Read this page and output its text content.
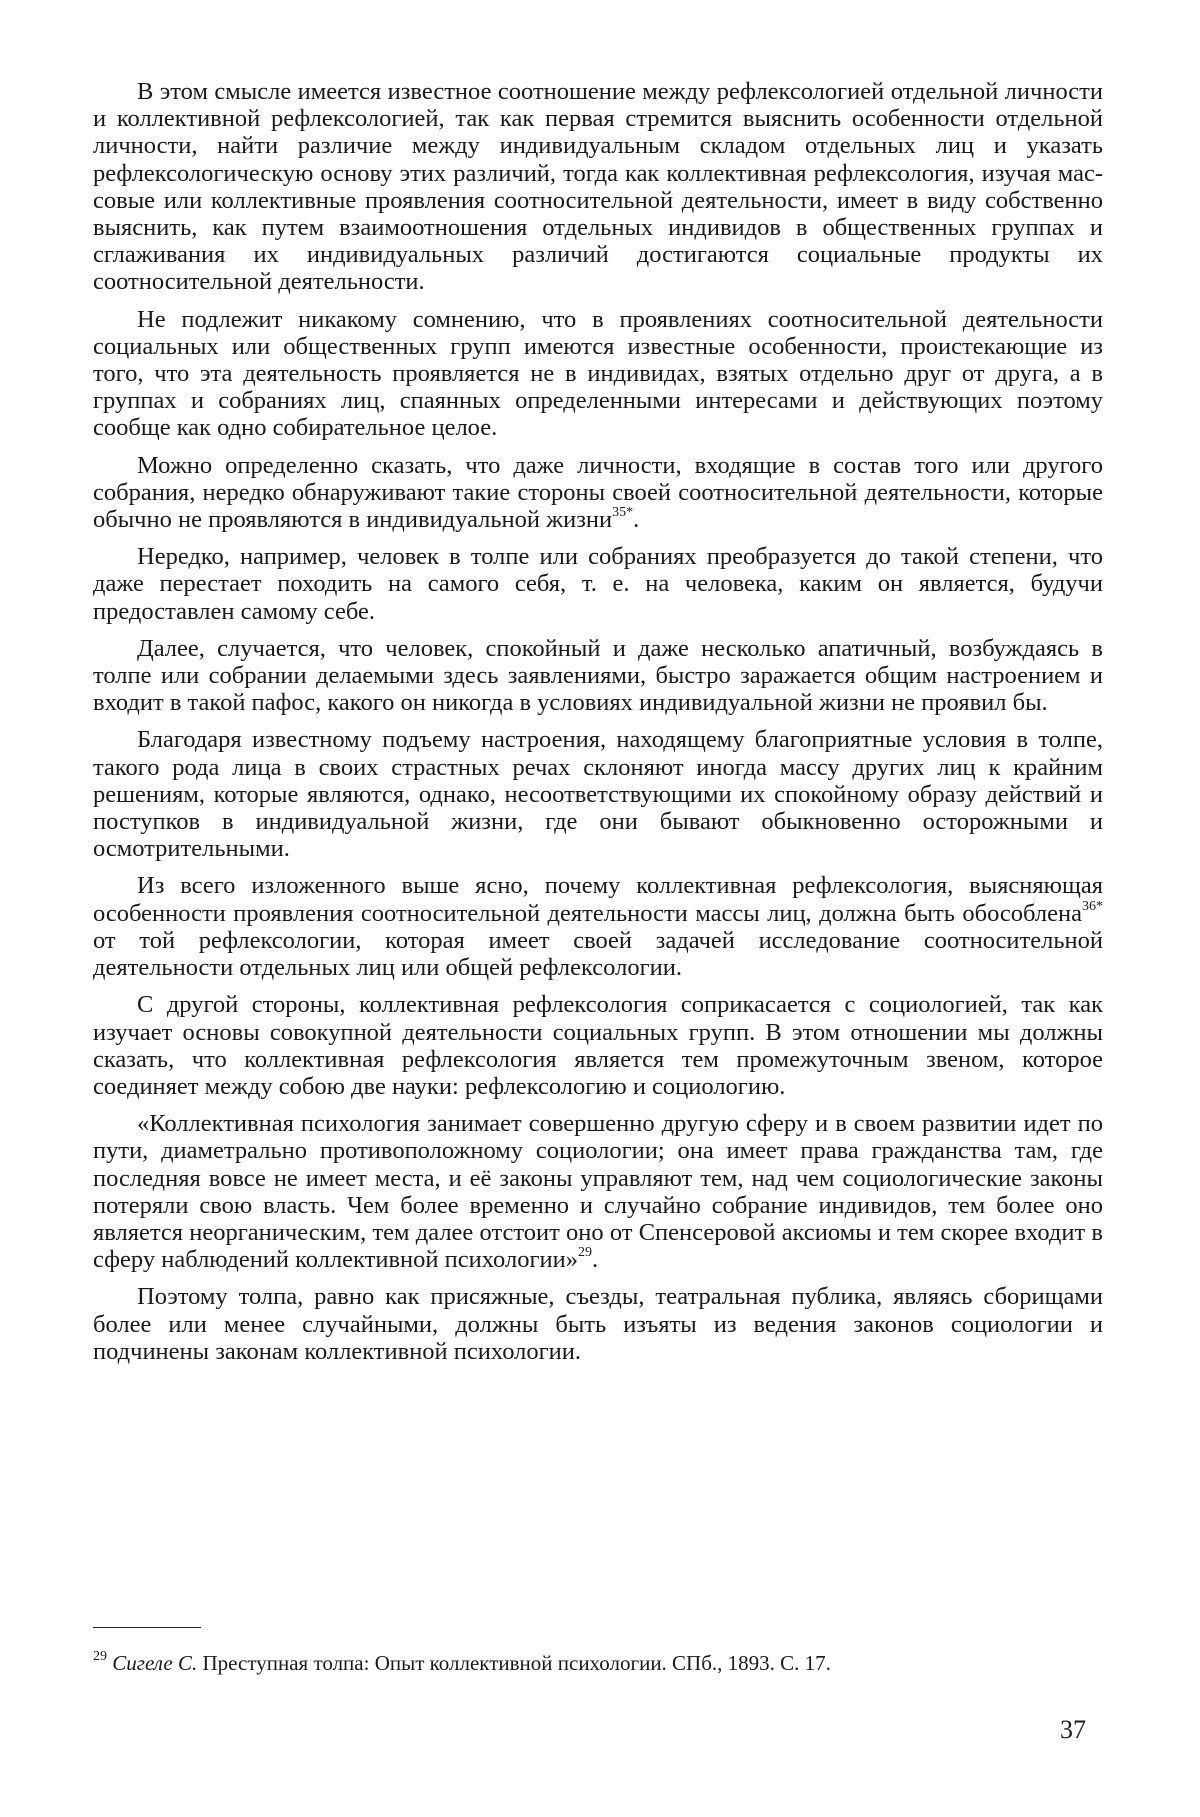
В этом смысле имеется известное соотношение между рефлексологией отдельной личности и коллективной рефлексологией, так как первая стремится выяснить особенности отдельной личности, найти различие между индивидуальным складом отдельных лиц и указать рефлексологическую основу этих различий, тогда как коллективная рефлексология, изучая массовые или коллективные проявления соотносительной деятельности, имеет в виду собственно выяснить, как путем взаимоотношения отдельных индивидов в общественных группах и сглаживания их индивидуальных различий достигаются социальные продукты их соотносительной деятельности.

Не подлежит никакому сомнению, что в проявлениях соотносительной деятельности социальных или общественных групп имеются известные особенности, проистекающие из того, что эта деятельность проявляется не в индивидах, взятых отдельно друг от друга, а в группах и собраниях лиц, спаянных определенными интересами и действующих поэтому сообще как одно собирательное целое.

Можно определенно сказать, что даже личности, входящие в состав того или другого собрания, нередко обнаруживают такие стороны своей соотносительной деятельности, которые обычно не проявляются в индивидуальной жизни$^{35*}$.

Нередко, например, человек в толпе или собраниях преобразуется до такой степени, что даже перестает походить на самого себя, т. е. на человека, каким он является, будучи предоставлен самому себе.

Далее, случается, что человек, спокойный и даже несколько апатичный, возбуждаясь в толпе или собрании делаемыми здесь заявлениями, быстро заражается общим настроением и входит в такой пафос, какого он никогда в условиях индивидуальной жизни не проявил бы.

Благодаря известному подъему настроения, находящему благоприятные условия в толпе, такого рода лица в своих страстных речах склоняют иногда массу других лиц к крайним решениям, которые являются, однако, несоответствующими их спокойному образу действий и поступков в индивидуальной жизни, где они бывают обыкновенно осторожными и осмотрительными.

Из всего изложенного выше ясно, почему коллективная рефлексология, выясняющая особенности проявления соотносительной деятельности массы лиц, должна быть обособлена$^{36*}$ от той рефлексологии, которая имеет своей задачей исследование соотносительной деятельности отдельных лиц или общей рефлексологии.

С другой стороны, коллективная рефлексология соприкасается с социологией, так как изучает основы совокупной деятельности социальных групп. В этом отношении мы должны сказать, что коллективная рефлексология является тем промежуточным звеном, которое соединяет между собою две науки: рефлексологию и социологию.

«Коллективная психология занимает совершенно другую сферу и в своем развитии идет по пути, диаметрально противоположному социологии; она имеет права гражданства там, где последняя вовсе не имеет места, и её законы управляют тем, над чем социологические законы потеряли свою власть. Чем более временно и случайно собрание индивидов, тем более оно является неорганическим, тем далее отстоит оно от Спенсеровой аксиомы и тем скорее входит в сферу наблюдений коллективной психологии»$^{29}$.

Поэтому толпа, равно как присяжные, съезды, театральная публика, являясь сборищами более или менее случайными, должны быть изъяты из ведения законов социологии и подчинены законам коллективной психологии.

$^{29}$ Сигеле С. Преступная толпа: Опыт коллективной психологии. СПб., 1893. С. 17.
37
